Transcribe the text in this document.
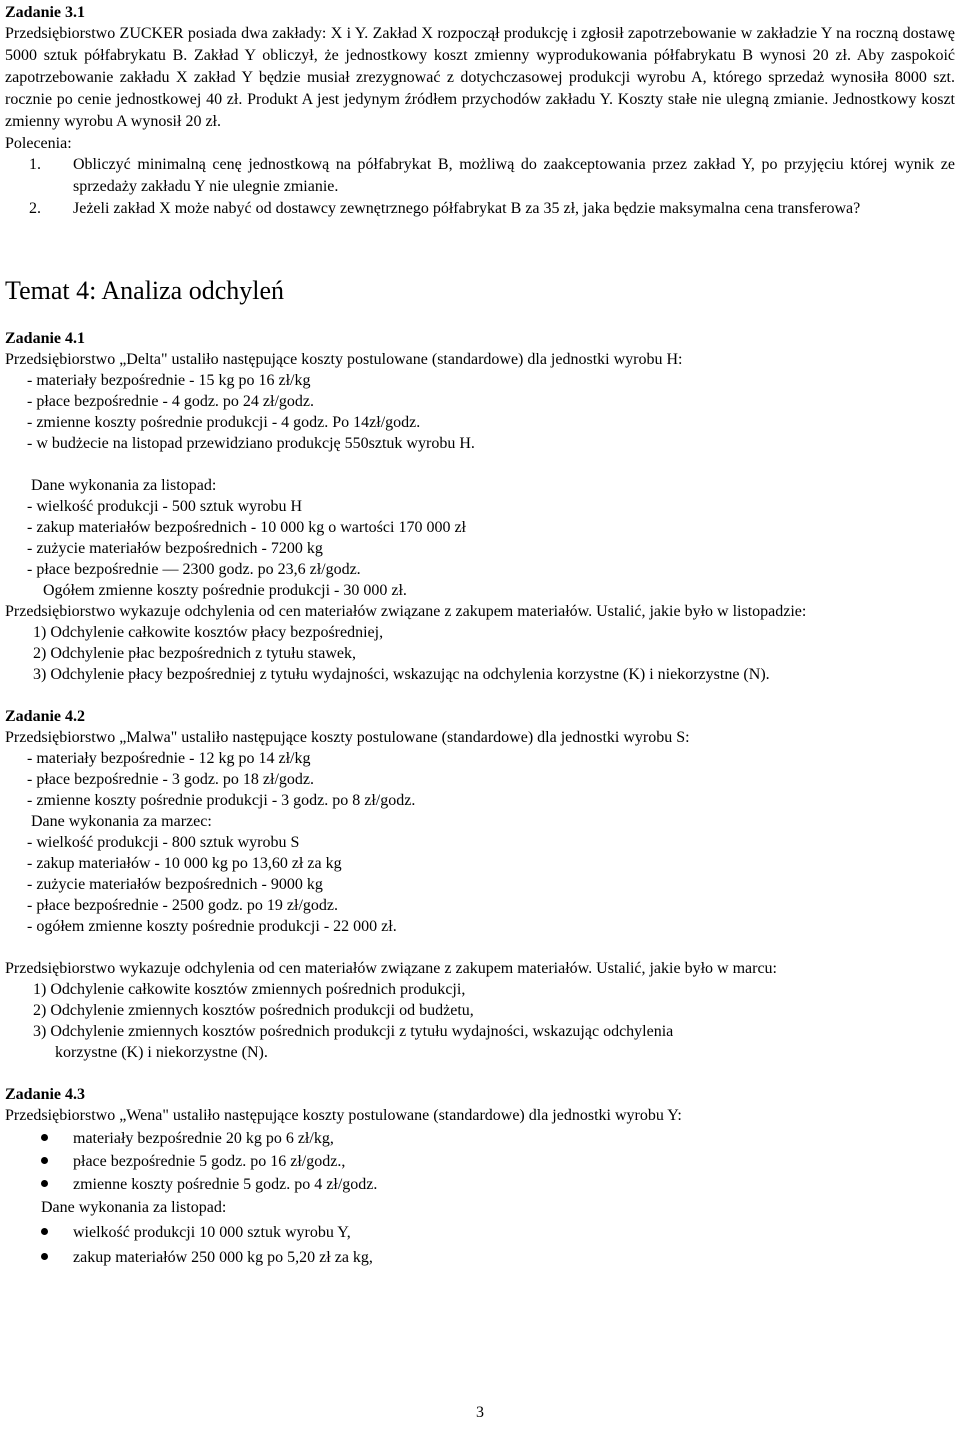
Zadanie 3.1
Przedsiębiorstwo ZUCKER posiada dwa zakłady: X i Y. Zakład X rozpoczął produkcję i zgłosił zapotrzebowanie w zakładzie Y na roczną dostawę 5000 sztuk półfabrykatu B. Zakład Y obliczył, że jednostkowy koszt zmienny wyprodukowania półfabrykatu B wynosi 20 zł. Aby zaspokoić zapotrzebowanie zakładu X zakład Y będzie musiał zrezygnować z dotychczasowej produkcji wyrobu A, którego sprzedaż wynosiła 8000 szt. rocznie po cenie jednostkowej 40 zł. Produkt A jest jedynym źródłem przychodów zakładu Y. Koszty stałe nie ulegną zmianie. Jednostkowy koszt zmienny wyrobu A wynosił 20 zł.
Polecenia:
1.	Obliczyć minimalną cenę jednostkową na półfabrykat B, możliwą do zaakceptowania przez zakład Y, po przyjęciu której wynik ze sprzedaży zakładu Y nie ulegnie zmianie.
2.	Jeżeli zakład X może nabyć od dostawcy zewnętrznego półfabrykat B za 35 zł, jaka będzie maksymalna cena transferowa?
Temat 4: Analiza odchyleń
Zadanie 4.1
Przedsiębiorstwo „Delta" ustaliło następujące koszty postulowane (standardowe) dla jednostki wyrobu H:
- materiały bezpośrednie - 15 kg po 16 zł/kg
- płace bezpośrednie - 4 godz. po 24 zł/godz.
- zmienne koszty pośrednie produkcji - 4 godz. Po 14zł/godz.
- w budżecie na listopad przewidziano produkcję 550sztuk wyrobu H.
Dane wykonania za listopad:
- wielkość produkcji - 500 sztuk wyrobu H
- zakup materiałów bezpośrednich - 10 000 kg o wartości 170 000 zł
- zużycie materiałów bezpośrednich - 7200 kg
- płace bezpośrednie — 2300 godz. po 23,6 zł/godz.
Ogółem zmienne koszty pośrednie produkcji - 30 000 zł.
Przedsiębiorstwo wykazuje odchylenia od cen materiałów związane z zakupem materiałów. Ustalić, jakie było w listopadzie:
1) Odchylenie całkowite kosztów płacy bezpośredniej,
2) Odchylenie płac bezpośrednich z tytułu stawek,
3) Odchylenie płacy bezpośredniej z tytułu wydajności, wskazując na odchylenia korzystne (K) i niekorzystne (N).
Zadanie 4.2
Przedsiębiorstwo „Malwa" ustaliło następujące koszty postulowane (standardowe) dla jednostki wyrobu S:
- materiały bezpośrednie - 12 kg po 14 zł/kg
- płace bezpośrednie - 3 godz. po 18 zł/godz.
- zmienne koszty pośrednie produkcji - 3 godz. po 8 zł/godz.
Dane wykonania za marzec:
- wielkość produkcji - 800 sztuk wyrobu S
- zakup materiałów - 10 000 kg po 13,60 zł za kg
- zużycie materiałów bezpośrednich - 9000 kg
- płace bezpośrednie - 2500 godz. po 19 zł/godz.
- ogółem zmienne koszty pośrednie produkcji - 22 000 zł.
Przedsiębiorstwo wykazuje odchylenia od cen materiałów związane z zakupem materiałów. Ustalić, jakie było w marcu:
1) Odchylenie całkowite kosztów zmiennych pośrednich produkcji,
2) Odchylenie zmiennych kosztów pośrednich produkcji od budżetu,
3) Odchylenie zmiennych kosztów pośrednich produkcji z tytułu wydajności, wskazując odchylenia
korzystne (K) i niekorzystne (N).
Zadanie 4.3
Przedsiębiorstwo „Wena" ustaliło następujące koszty postulowane (standardowe) dla jednostki wyrobu Y:
materiały bezpośrednie 20 kg po 6 zł/kg,
płace bezpośrednie 5 godz. po 16 zł/godz.,
zmienne koszty pośrednie 5 godz. po 4 zł/godz.
Dane wykonania za listopad:
wielkość produkcji 10 000 sztuk wyrobu Y,
zakup materiałów 250 000 kg po 5,20 zł za kg,
3
